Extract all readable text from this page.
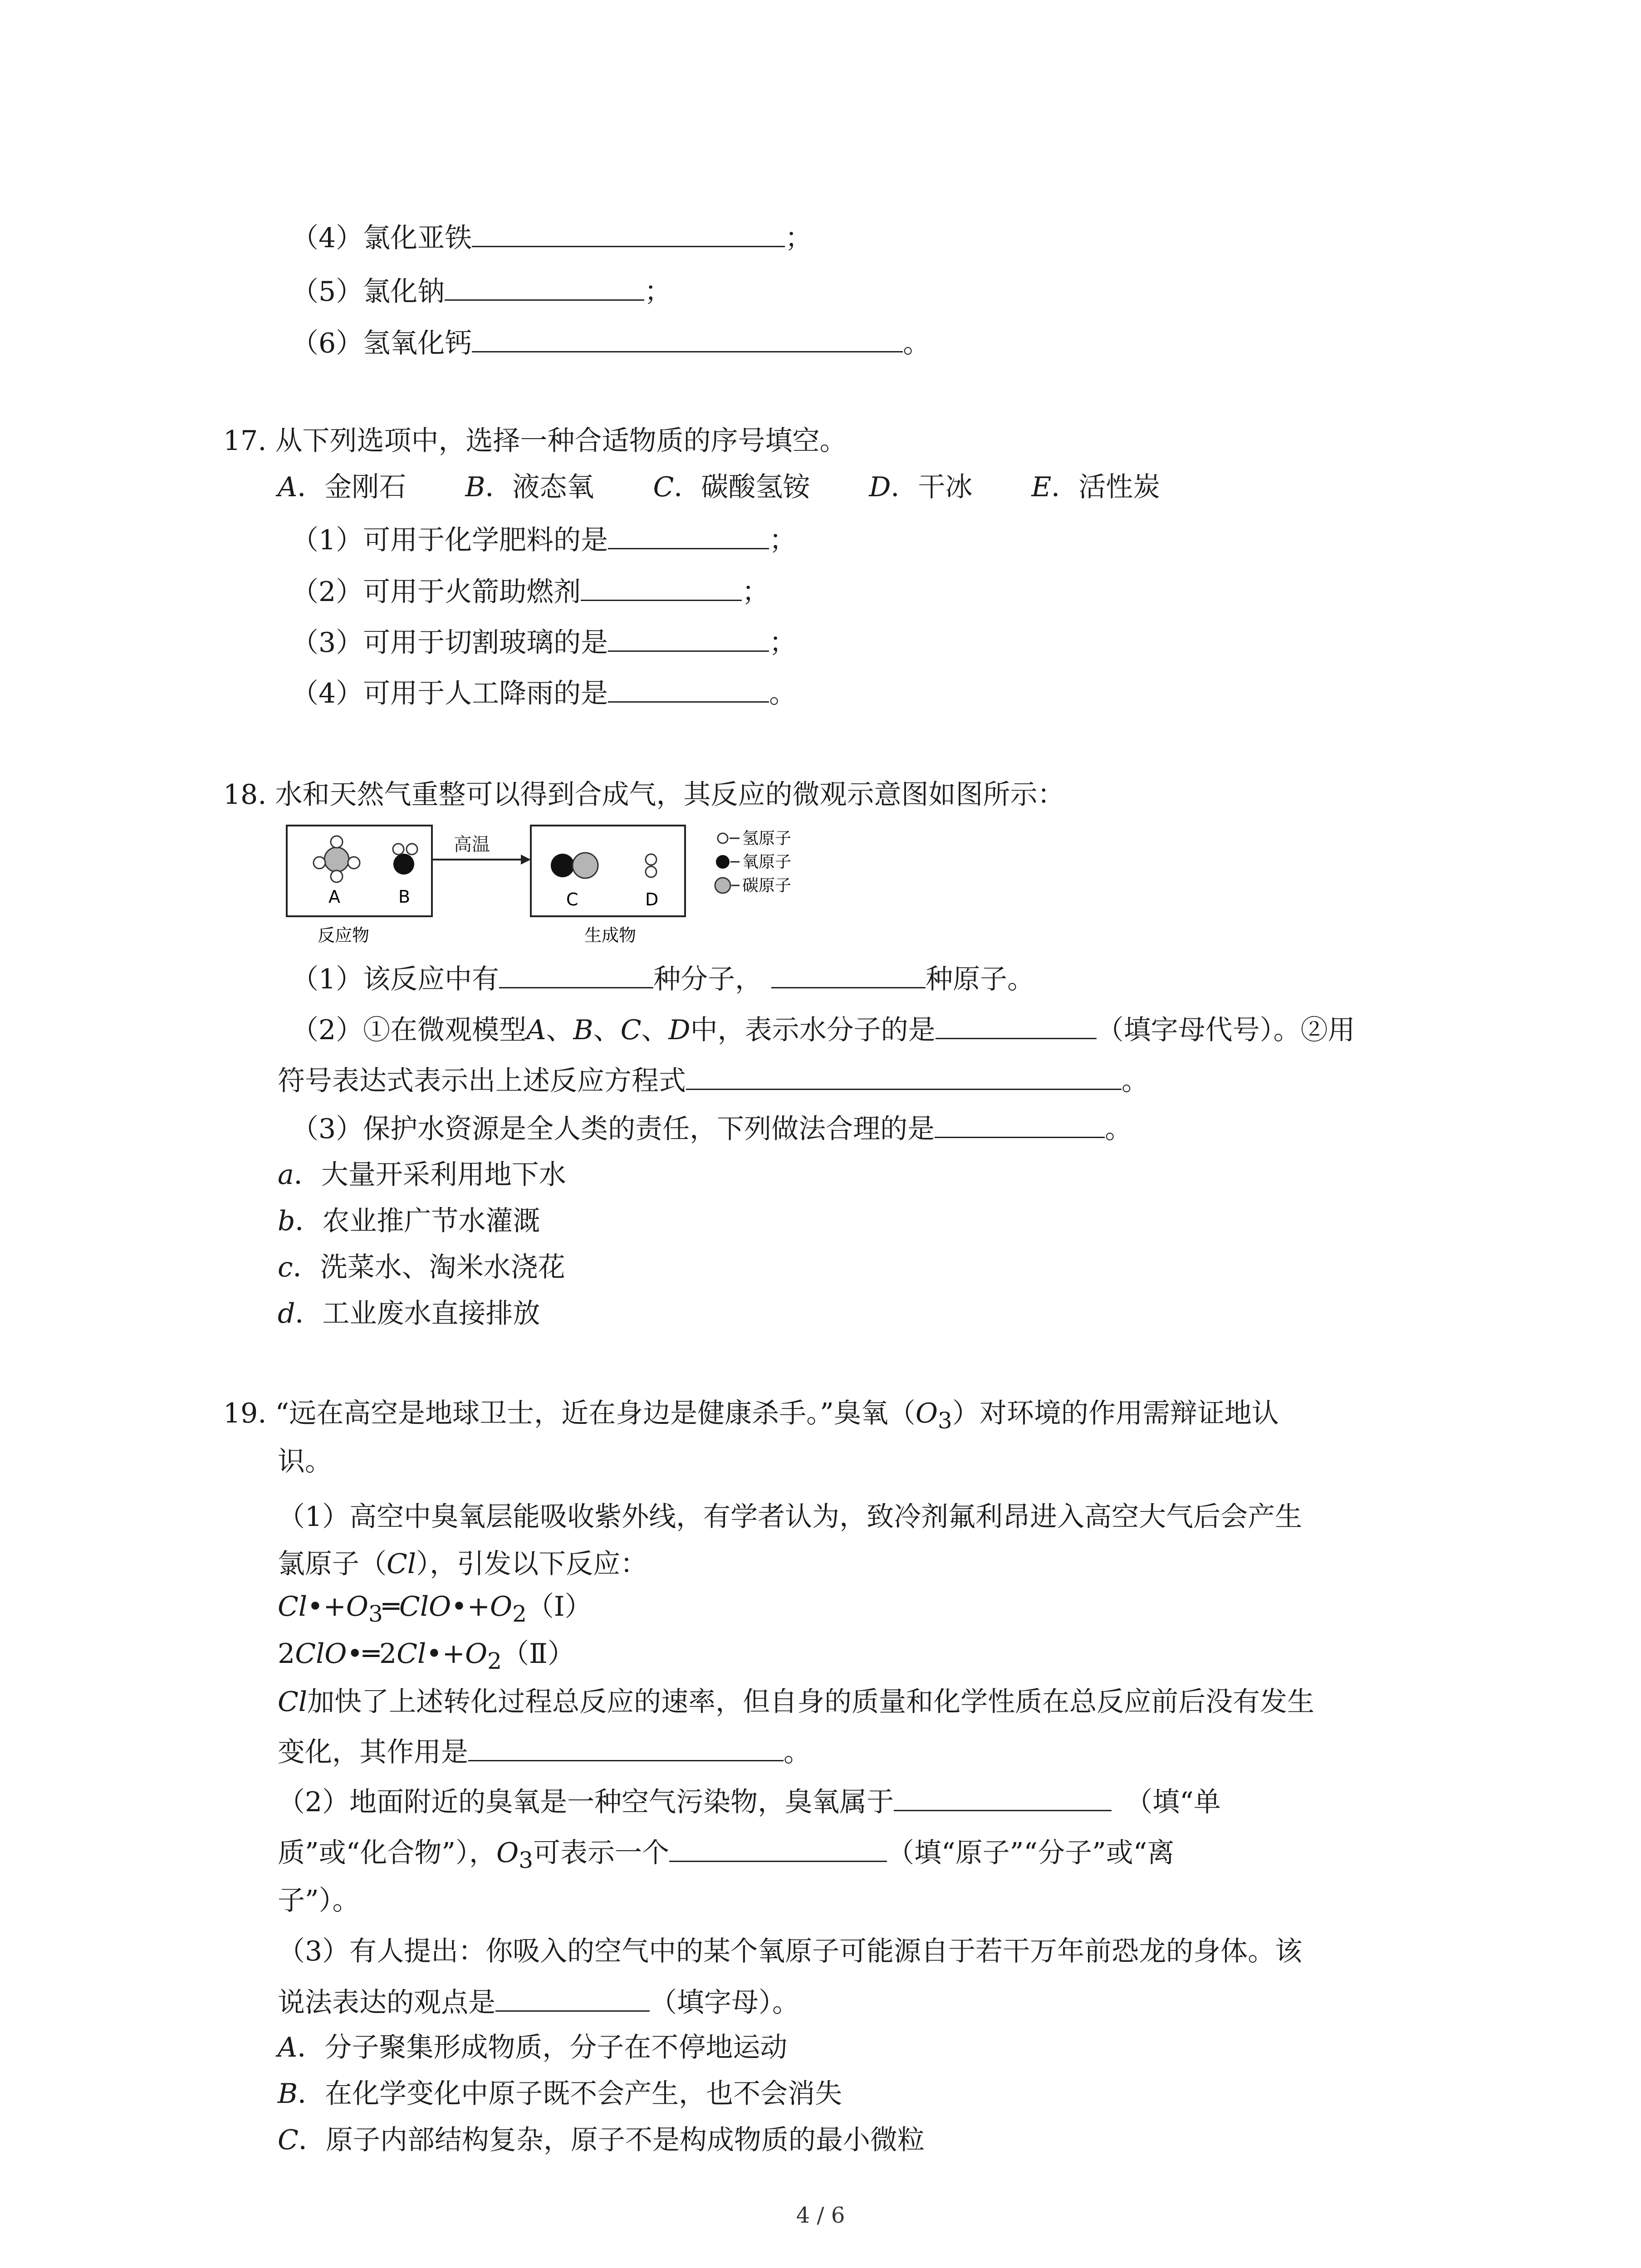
（4）氯化亚铁	；
（5）氯化钠	；
（6）氢氧化钙	。
17. 从下列选项中，选择一种合适物质的序号填空。
A．金刚石 B．液态氧 C．碳酸氢铵 D．干冰 E．活性炭
（1）可用于化学肥料的是	；
（2）可用于火箭助燃剂	；
（3）可用于切割玻璃的是	；
（4）可用于人工降雨的是	。
18. 水和天然气重整可以得到合成气，其反应的微观示意图如图所示：
高温
A	B	C	D
反应物	生成物
氢原子
氧原子
碳原子
（1）该反应中有	种分子，	种原子。
（2）①在微观模型A、B、C、D中，表示水分子的是	（填字母代号）。②用
符号表达式表示出上述反应方程式	。
（3）保护水资源是全人类的责任，下列做法合理的是	。
a．大量开采利用地下水
b．农业推广节水灌溉
c．洗菜水、淘米水浇花
d．工业废水直接排放
19. “远在高空是地球卫士，近在身边是健康杀手。”臭氧$(O_3)$对环境的作用需辩证地认
识。
（1）高空中臭氧层能吸收紫外线，有学者认为，致冷剂氟利昂进入高空大气后会产生
氯原子（Cl），引发以下反应：
$Cl•+O_3═ClO•+O_2(Ⅰ)$
$2ClO•═2Cl•+O_2(Ⅱ)$
Cl加快了上述转化过程总反应的速率，但自身的质量和化学性质在总反应前后没有发生
变化，其作用是	。
（2）地面附近的臭氧是一种空气污染物，臭氧属于	（填“单
质”或“化合物”），$O_3$可表示一个	（填“原子”“分子”或“离
子”）。
（3）有人提出：你吸入的空气中的某个氧原子可能源自于若干万年前恐龙的身体。该
说法表达的观点是	（填字母）。
A．分子聚集形成物质，分子在不停地运动
B．在化学变化中原子既不会产生，也不会消失
C．原子内部结构复杂，原子不是构成物质的最小微粒
4 / 6
